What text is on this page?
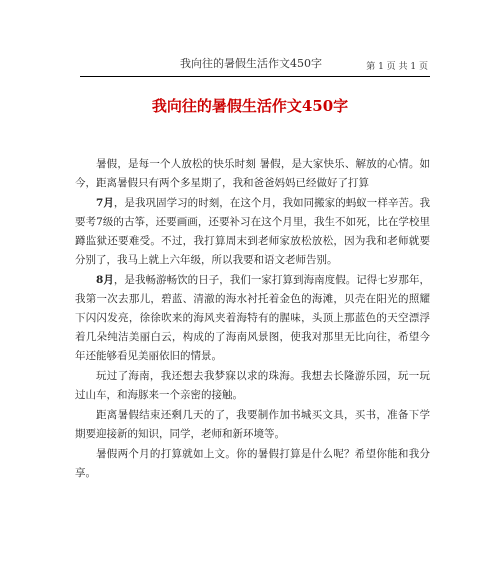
我向往的暑假生活作文450字	第 1 页 共 1 页
我向往的暑假生活作文450字

暑假，是每一个人放松的快乐时刻 暑假，是大家快乐、解放的心情。如今，距离暑假只有两个多星期了，我和爸爸妈妈已经做好了打算

7月，是我巩固学习的时刻，在这个月，我如同搬家的蚂蚁一样辛苦。我要考7级的古筝，还要画画，还要补习在这个月里，我生不如死，比在学校里蹲监狱还要难受。不过，我打算周末到老师家放松放松，因为我和老师就要分别了，我马上就上六年级，所以我要和语文老师告别。

8月，是我畅游畅饮的日子，我们一家打算到海南度假。记得七岁那年，我第一次去那儿，碧蓝、清澈的海水衬托着金色的海滩，贝壳在阳光的照耀下闪闪发亮，徐徐吹来的海风夹着海特有的腥味，头顶上那蓝色的天空漂浮着几朵纯洁美丽白云，构成的了海南风景图，使我对那里无比向往，希望今年还能够看见美丽依旧的情景。

玩过了海南，我还想去我梦寐以求的珠海。我想去长隆游乐园，玩一玩过山车，和海豚来一个亲密的接触。

距离暑假结束还剩几天的了，我要制作加书城买文具，买书，准备下学期要迎接新的知识，同学，老师和新环境等。

暑假两个月的打算就如上文。你的暑假打算是什么呢？希望你能和我分享。
